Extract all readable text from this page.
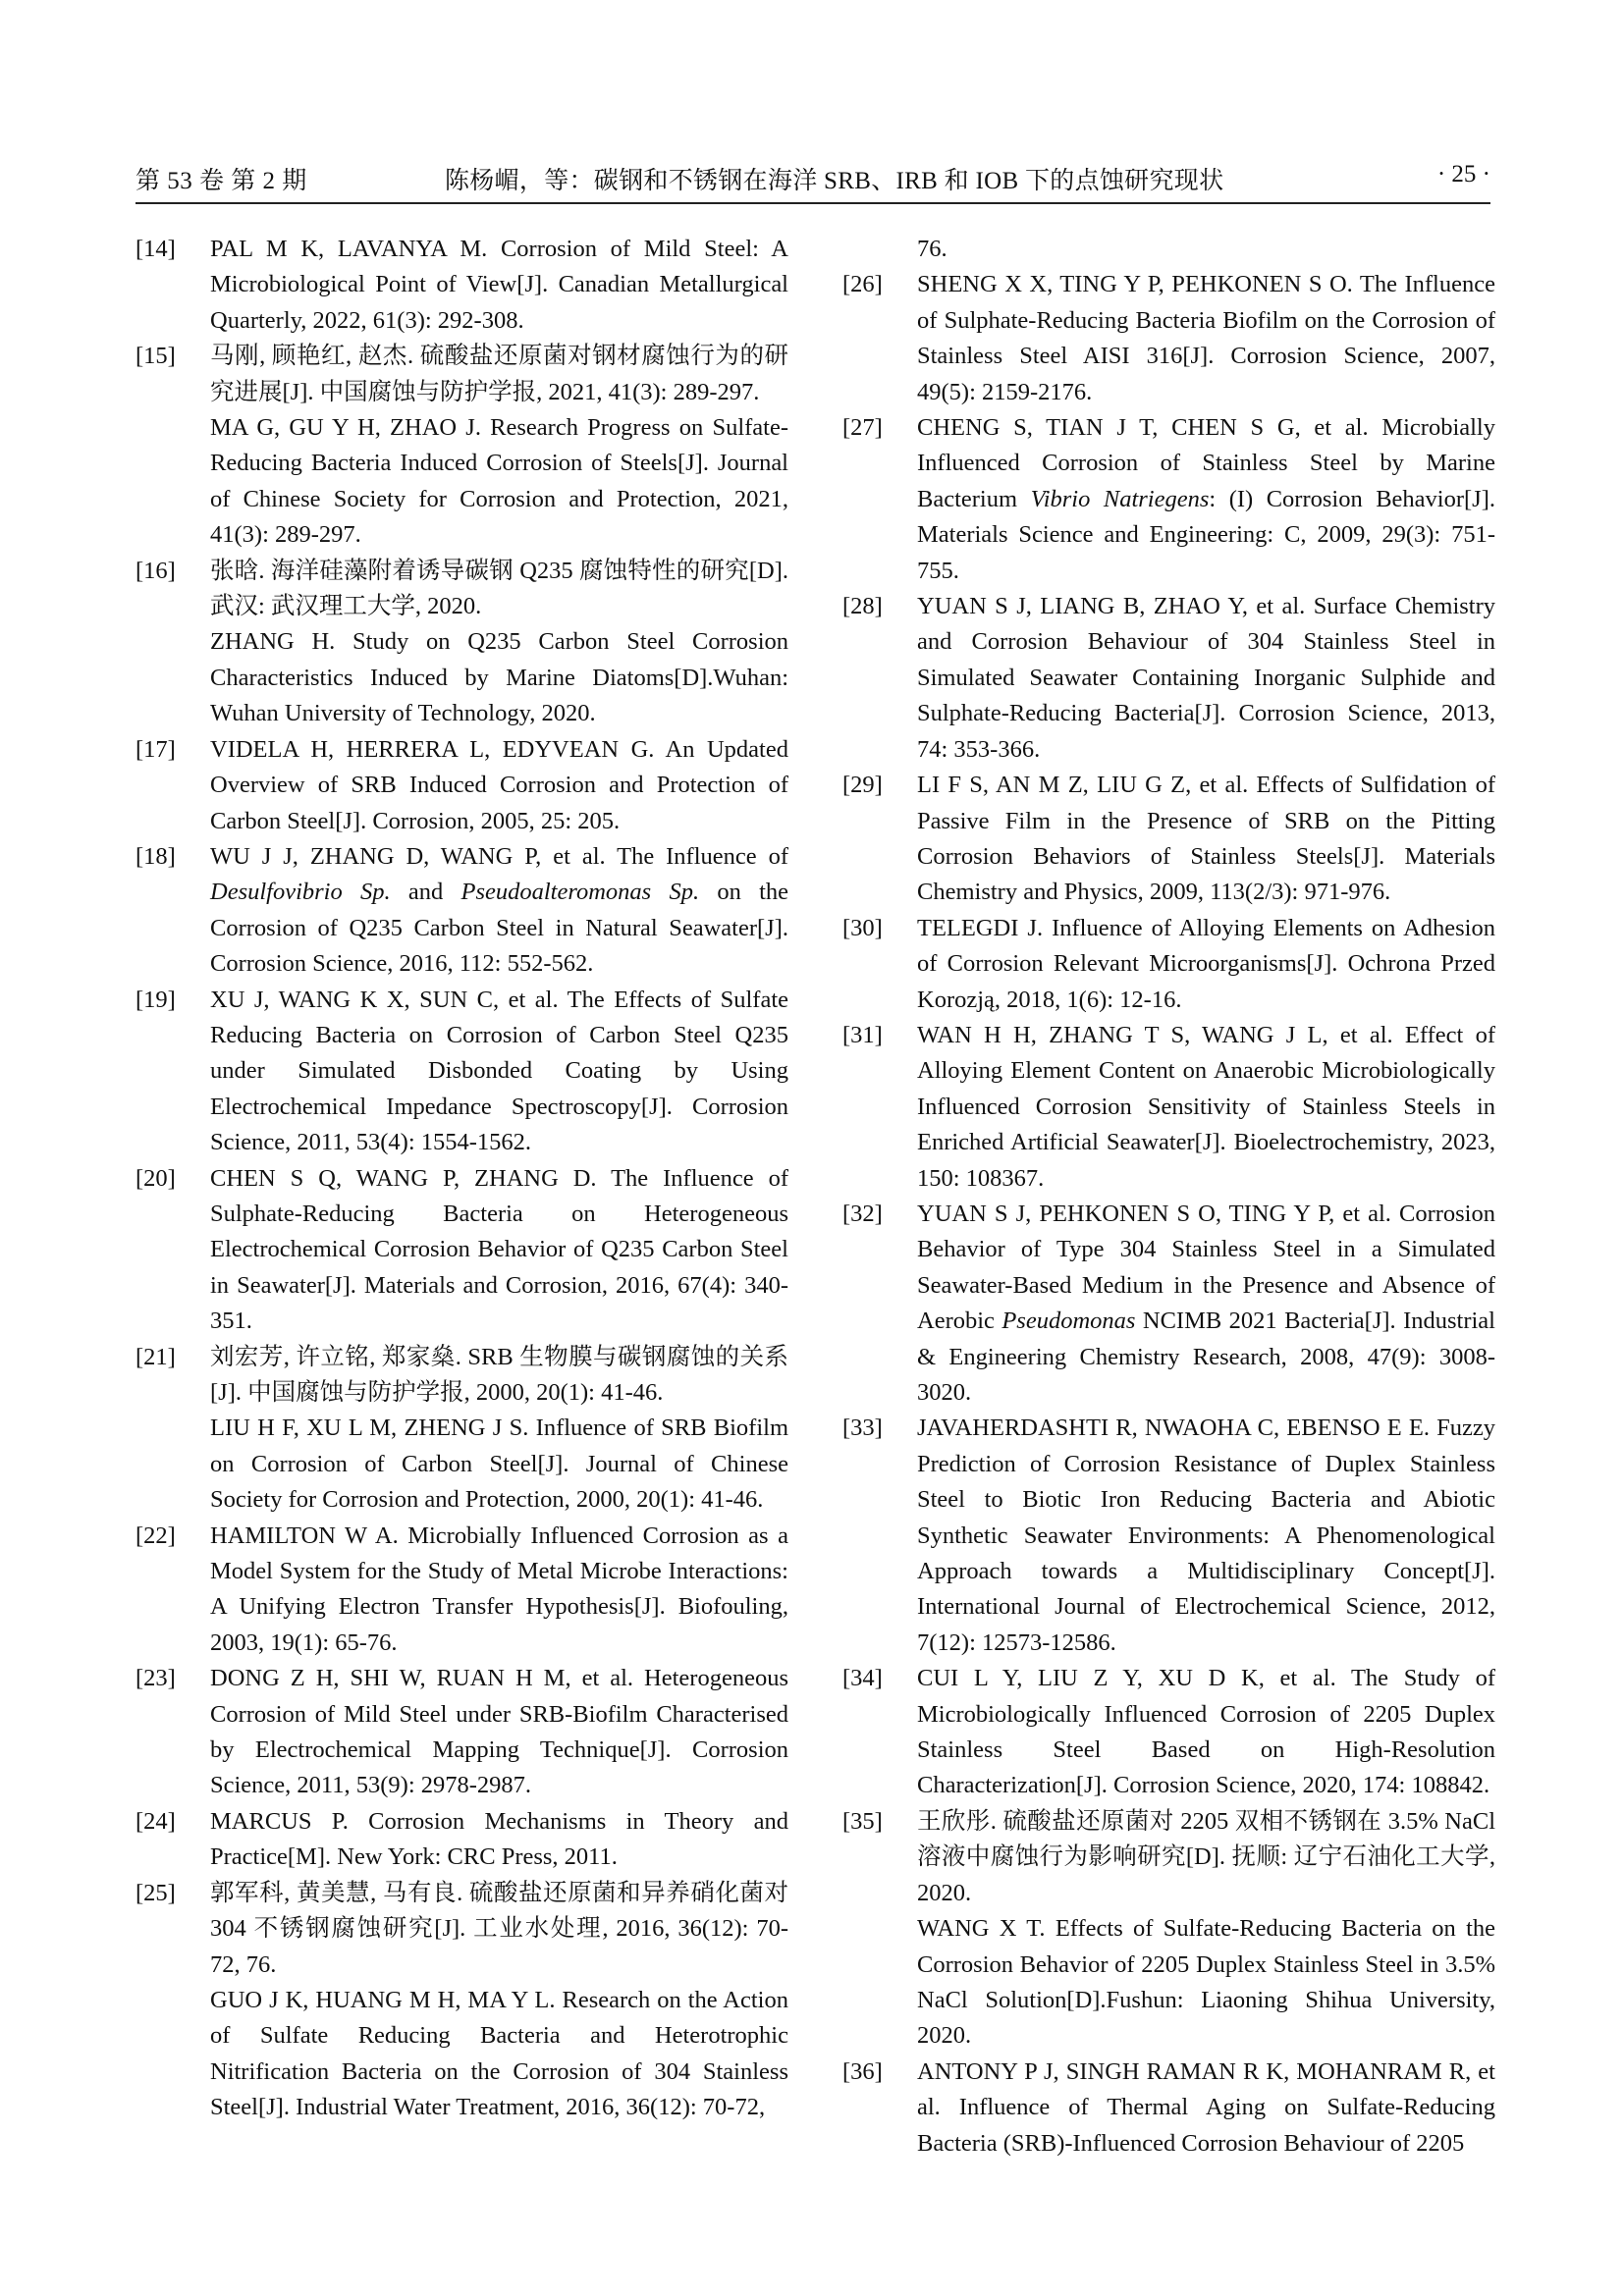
第 53 卷 第 2 期	陈杨嵋，等：碳钢和不锈钢在海洋 SRB、IRB 和 IOB 下的点蚀研究现状	· 25 ·
[14] PAL M K, LAVANYA M. Corrosion of Mild Steel: A Microbiological Point of View[J]. Canadian Metallurgical Quarterly, 2022, 61(3): 292-308.
[15] 马刚, 顾艳红, 赵杰. 硫酸盐还原菌对钢材腐蚀行为的研究进展[J]. 中国腐蚀与防护学报, 2021, 41(3): 289-297.
MA G, GU Y H, ZHAO J. Research Progress on Sulfate-Reducing Bacteria Induced Corrosion of Steels[J]. Journal of Chinese Society for Corrosion and Protection, 2021, 41(3): 289-297.
[16] 张晗. 海洋硅藻附着诱导碳钢 Q235 腐蚀特性的研究[D]. 武汉: 武汉理工大学, 2020.
ZHANG H. Study on Q235 Carbon Steel Corrosion Characteristics Induced by Marine Diatoms[D].Wuhan: Wuhan University of Technology, 2020.
[17] VIDELA H, HERRERA L, EDYVEAN G. An Updated Overview of SRB Induced Corrosion and Protection of Carbon Steel[J]. Corrosion, 2005, 25: 205.
[18] WU J J, ZHANG D, WANG P, et al. The Influence of Desulfovibrio Sp. and Pseudoalteromonas Sp. on the Corrosion of Q235 Carbon Steel in Natural Seawater[J]. Corrosion Science, 2016, 112: 552-562.
[19] XU J, WANG K X, SUN C, et al. The Effects of Sulfate Reducing Bacteria on Corrosion of Carbon Steel Q235 under Simulated Disbonded Coating by Using Electrochemical Impedance Spectroscopy[J]. Corrosion Science, 2011, 53(4): 1554-1562.
[20] CHEN S Q, WANG P, ZHANG D. The Influence of Sulphate-Reducing Bacteria on Heterogeneous Electrochemical Corrosion Behavior of Q235 Carbon Steel in Seawater[J]. Materials and Corrosion, 2016, 67(4): 340-351.
[21] 刘宏芳, 许立铭, 郑家燊. SRB 生物膜与碳钢腐蚀的关系[J]. 中国腐蚀与防护学报, 2000, 20(1): 41-46.
LIU H F, XU L M, ZHENG J S. Influence of SRB Biofilm on Corrosion of Carbon Steel[J]. Journal of Chinese Society for Corrosion and Protection, 2000, 20(1): 41-46.
[22] HAMILTON W A. Microbially Influenced Corrosion as a Model System for the Study of Metal Microbe Interactions: A Unifying Electron Transfer Hypothesis[J]. Biofouling, 2003, 19(1): 65-76.
[23] DONG Z H, SHI W, RUAN H M, et al. Heterogeneous Corrosion of Mild Steel under SRB-Biofilm Characterised by Electrochemical Mapping Technique[J]. Corrosion Science, 2011, 53(9): 2978-2987.
[24] MARCUS P. Corrosion Mechanisms in Theory and Practice[M]. New York: CRC Press, 2011.
[25] 郭军科, 黄美慧, 马有良. 硫酸盐还原菌和异养硝化菌对 304 不锈钢腐蚀研究[J]. 工业水处理, 2016, 36(12): 70-72, 76.
GUO J K, HUANG M H, MA Y L. Research on the Action of Sulfate Reducing Bacteria and Heterotrophic Nitrification Bacteria on the Corrosion of 304 Stainless Steel[J]. Industrial Water Treatment, 2016, 36(12): 70-72,
76.
[26] SHENG X X, TING Y P, PEHKONEN S O. The Influence of Sulphate-Reducing Bacteria Biofilm on the Corrosion of Stainless Steel AISI 316[J]. Corrosion Science, 2007, 49(5): 2159-2176.
[27] CHENG S, TIAN J T, CHEN S G, et al. Microbially Influenced Corrosion of Stainless Steel by Marine Bacterium Vibrio Natriegens: (I) Corrosion Behavior[J]. Materials Science and Engineering: C, 2009, 29(3): 751-755.
[28] YUAN S J, LIANG B, ZHAO Y, et al. Surface Chemistry and Corrosion Behaviour of 304 Stainless Steel in Simulated Seawater Containing Inorganic Sulphide and Sulphate-Reducing Bacteria[J]. Corrosion Science, 2013, 74: 353-366.
[29] LI F S, AN M Z, LIU G Z, et al. Effects of Sulfidation of Passive Film in the Presence of SRB on the Pitting Corrosion Behaviors of Stainless Steels[J]. Materials Chemistry and Physics, 2009, 113(2/3): 971-976.
[30] TELEGDI J. Influence of Alloying Elements on Adhesion of Corrosion Relevant Microorganisms[J]. Ochrona Przed Korozją, 2018, 1(6): 12-16.
[31] WAN H H, ZHANG T S, WANG J L, et al. Effect of Alloying Element Content on Anaerobic Microbiologically Influenced Corrosion Sensitivity of Stainless Steels in Enriched Artificial Seawater[J]. Bioelectrochemistry, 2023, 150: 108367.
[32] YUAN S J, PEHKONEN S O, TING Y P, et al. Corrosion Behavior of Type 304 Stainless Steel in a Simulated Seawater-Based Medium in the Presence and Absence of Aerobic Pseudomonas NCIMB 2021 Bacteria[J]. Industrial & Engineering Chemistry Research, 2008, 47(9): 3008- 3020.
[33] JAVAHERDASHTI R, NWAOHA C, EBENSO E E. Fuzzy Prediction of Corrosion Resistance of Duplex Stainless Steel to Biotic Iron Reducing Bacteria and Abiotic Synthetic Seawater Environments: A Phenomenological Approach towards a Multidisciplinary Concept[J]. International Journal of Electrochemical Science, 2012, 7(12): 12573-12586.
[34] CUI L Y, LIU Z Y, XU D K, et al. The Study of Microbiologically Influenced Corrosion of 2205 Duplex Stainless Steel Based on High-Resolution Characterization[J]. Corrosion Science, 2020, 174: 108842.
[35] 王欣彤. 硫酸盐还原菌对 2205 双相不锈钢在 3.5% NaCl 溶液中腐蚀行为影响研究[D]. 抚顺: 辽宁石油化工大学, 2020.
WANG X T. Effects of Sulfate-Reducing Bacteria on the Corrosion Behavior of 2205 Duplex Stainless Steel in 3.5% NaCl Solution[D].Fushun: Liaoning Shihua University, 2020.
[36] ANTONY P J, SINGH RAMAN R K, MOHANRAM R, et al. Influence of Thermal Aging on Sulfate-Reducing Bacteria (SRB)-Influenced Corrosion Behaviour of 2205
